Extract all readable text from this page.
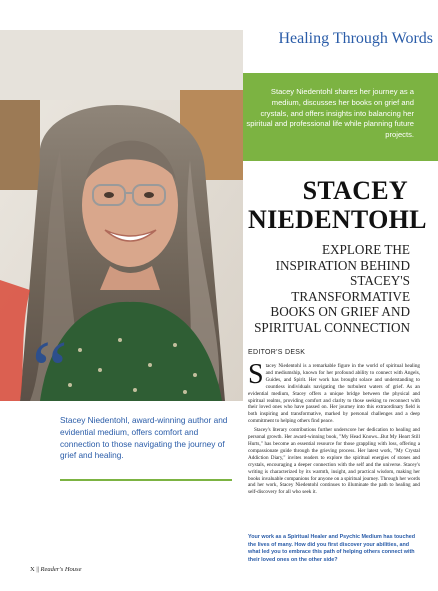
Healing Through Words
Stacey Niedentohl shares her journey as a medium, discusses her books on grief and crystals, and offers insights into balancing her spiritual and professional life while planning future projects.
STACEY
NIEDENTOHL
EXPLORE THE INSPIRATION BEHIND STACEY'S TRANSFORMATIVE BOOKS ON GRIEF AND SPIRITUAL CONNECTION
“
Stacey Niedentohl, award-winning author and evidential medium, offers comfort and connection to those navigating the journey of grief and healing.
EDITOR'S DESK
S tacey Niedentohl is a remarkable figure in the world of spiritual healing and mediumship, known for her profound ability to connect with Angels, Guides, and Spirit. Her work has brought solace and understanding to countless individuals navigating the turbulent waters of grief. As an evidential medium, Stacey offers a unique bridge between the physical and spiritual realms, providing comfort and clarity to those seeking to reconnect with their loved ones who have passed on. Her journey into this extraordinary field is both inspiring and transformative, marked by personal challenges and a deep commitment to helping others find peace.
Stacey's literary contributions further underscore her dedication to healing and personal growth. Her award-winning book, "My Head Knows...But My Heart Still Hurts," has become an essential resource for those grappling with loss, offering a compassionate guide through the grieving process. Her latest work, "My Crystal Addiction Diary," invites readers to explore the spiritual energies of stones and crystals, encouraging a deeper connection with the self and the universe. Stacey's writing is characterized by its warmth, insight, and practical wisdom, making her books invaluable companions for anyone on a spiritual journey. Through her words and her work, Stacey Niedentohl continues to illuminate the path to healing and self-discovery for all who seek it.
Your work as a Spiritual Healer and Psychic Medium has touched the lives of many. How did you first discover your abilities, and what led you to embrace this path of helping others connect with their loved ones on the other side?
X || Reader's House
